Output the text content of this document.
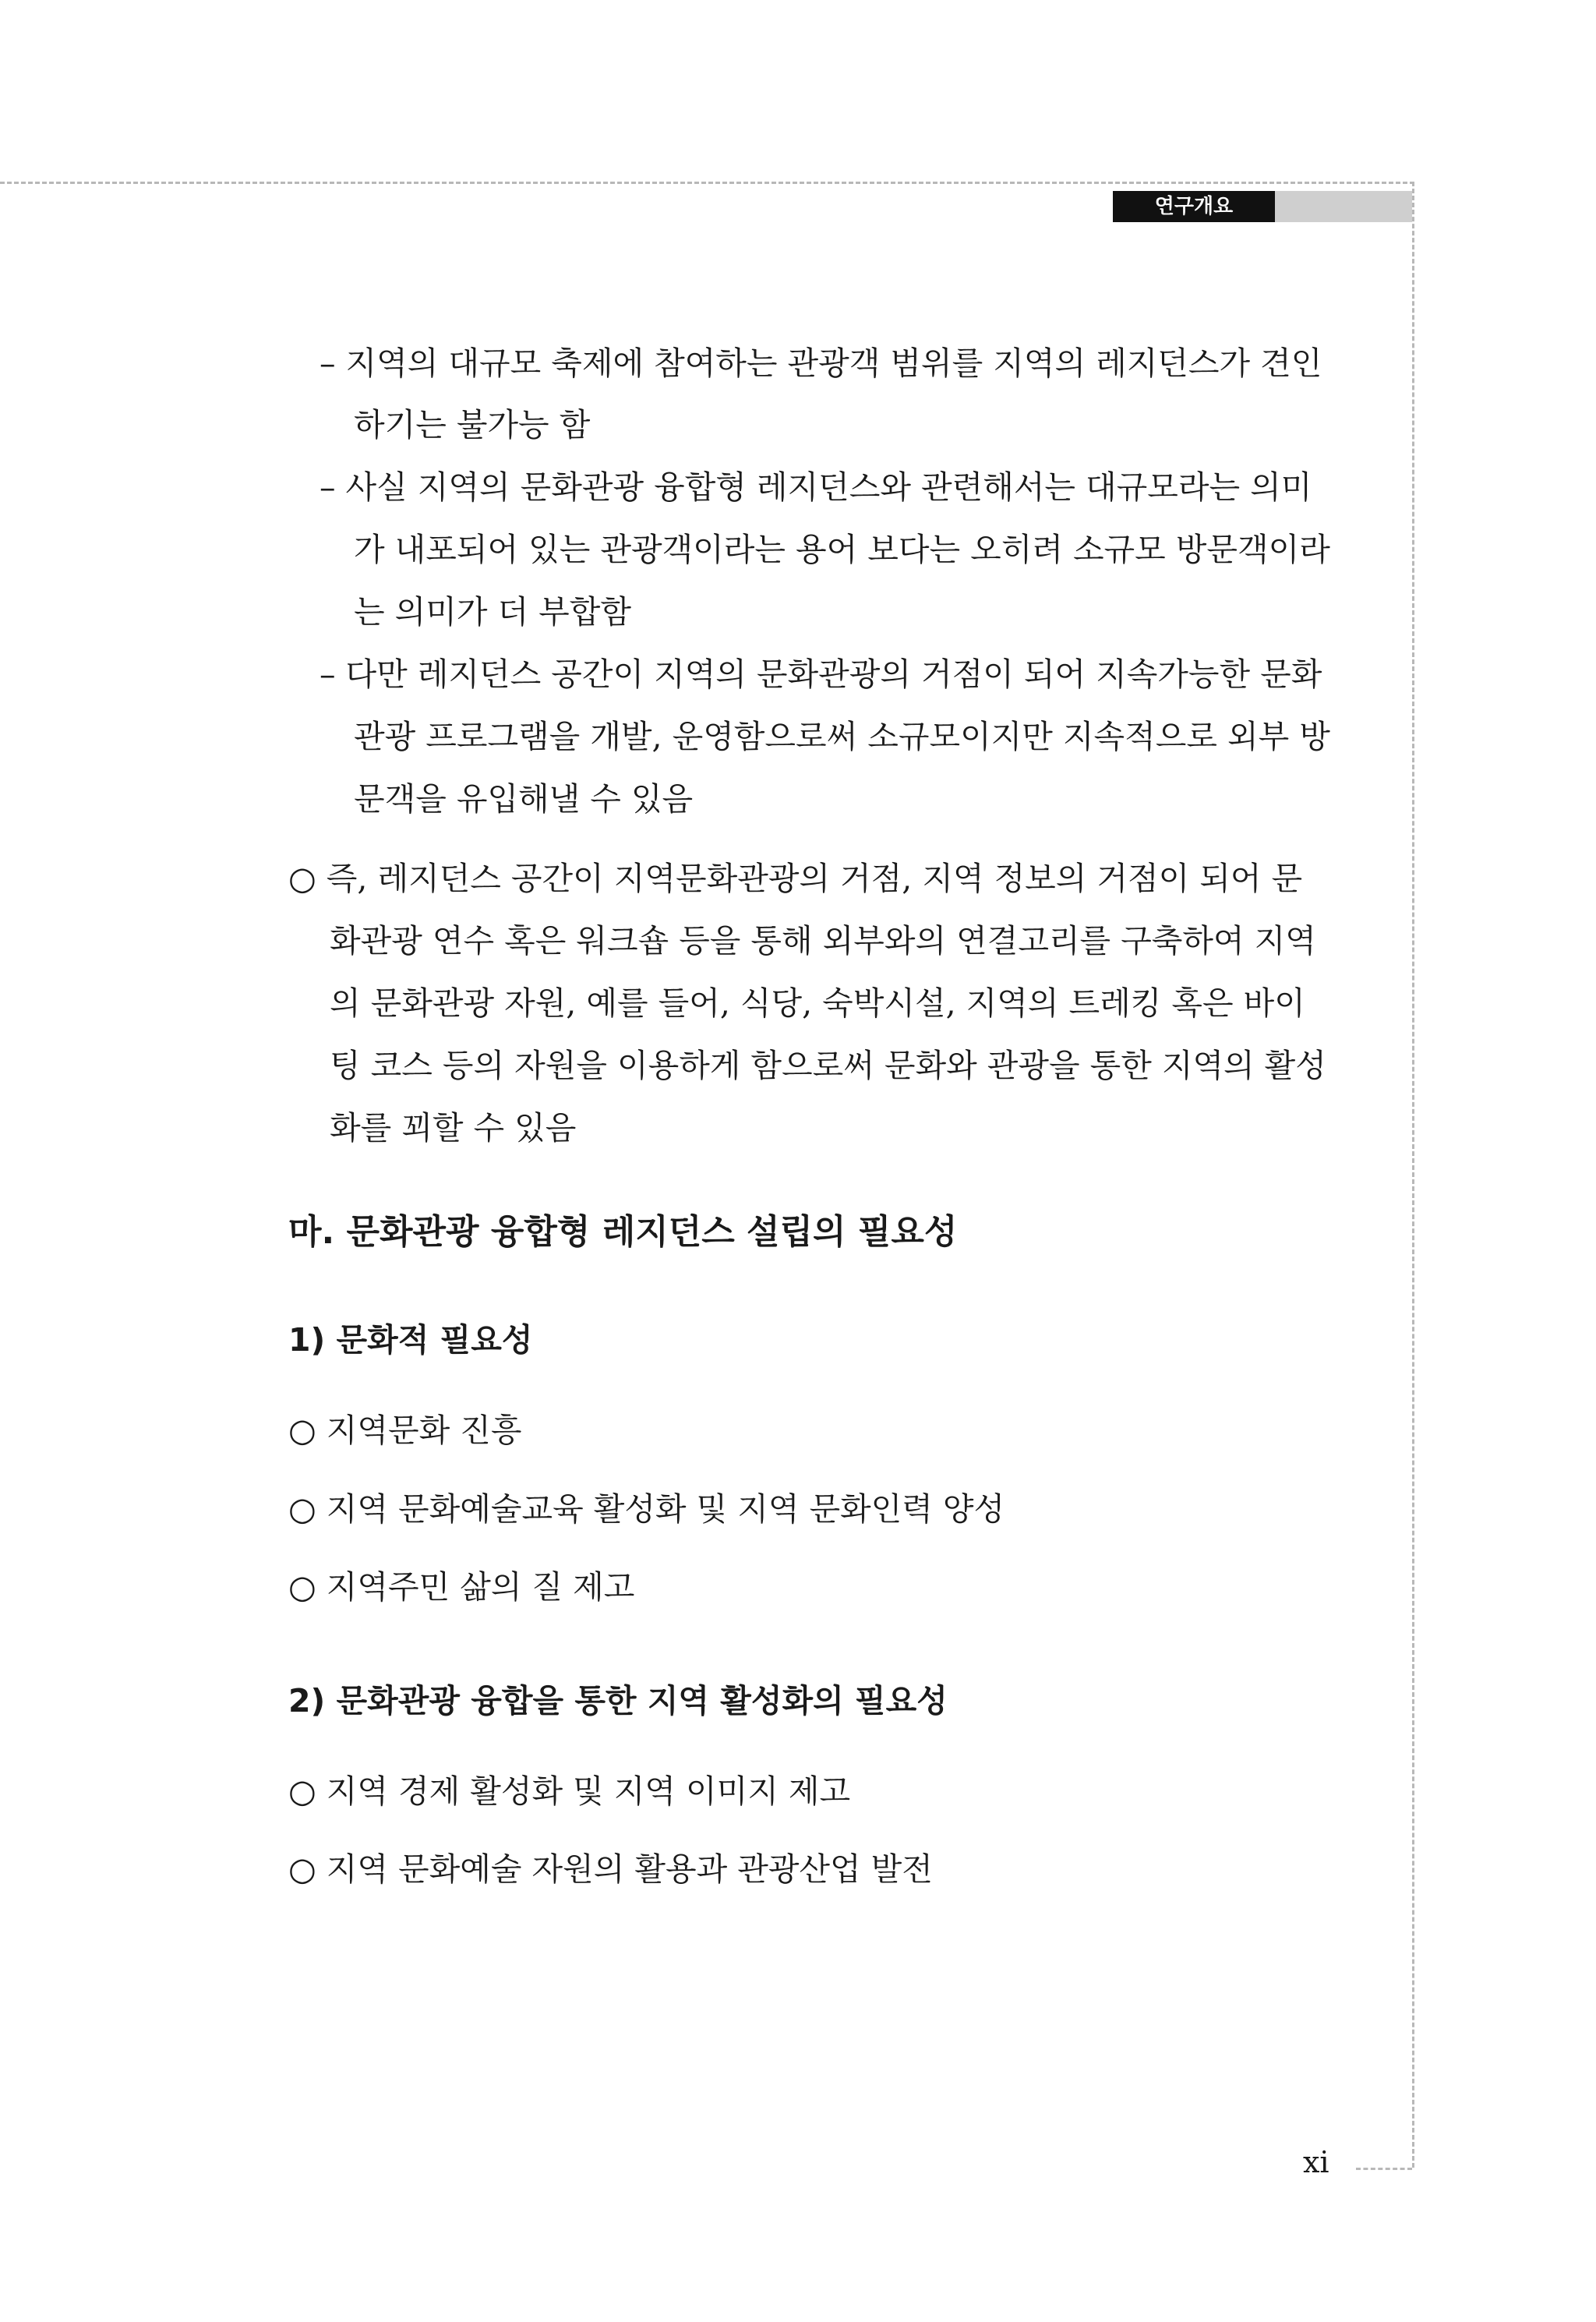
연구개요
– 지역의 대규모 축제에 참여하는 관광객 범위를 지역의 레지던스가 견인
하기는 불가능 함
– 사실 지역의 문화관광 융합형 레지던스와 관련해서는 대규모라는 의미
가 내포되어 있는 관광객이라는 용어 보다는 오히려 소규모 방문객이라
는 의미가 더 부합함
– 다만 레지던스 공간이 지역의 문화관광의 거점이 되어 지속가능한 문화
관광 프로그램을 개발, 운영함으로써 소규모이지만 지속적으로 외부 방
문객을 유입해낼 수 있음
○ 즉, 레지던스 공간이 지역문화관광의 거점, 지역 정보의 거점이 되어 문
화관광 연수 혹은 워크숍 등을 통해 외부와의 연결고리를 구축하여 지역
의 문화관광 자원, 예를 들어, 식당, 숙박시설, 지역의 트레킹 혹은 바이
팅 코스 등의 자원을 이용하게 함으로써 문화와 관광을 통한 지역의 활성
화를 꾀할 수 있음
마. 문화관광 융합형 레지던스 설립의 필요성
1) 문화적 필요성
○ 지역문화 진흥
○ 지역 문화예술교육 활성화 및 지역 문화인력 양성
○ 지역주민 삶의 질 제고
2) 문화관광 융합을 통한 지역 활성화의 필요성
○ 지역 경제 활성화 및 지역 이미지 제고
○ 지역 문화예술 자원의 활용과 관광산업 발전
xi
